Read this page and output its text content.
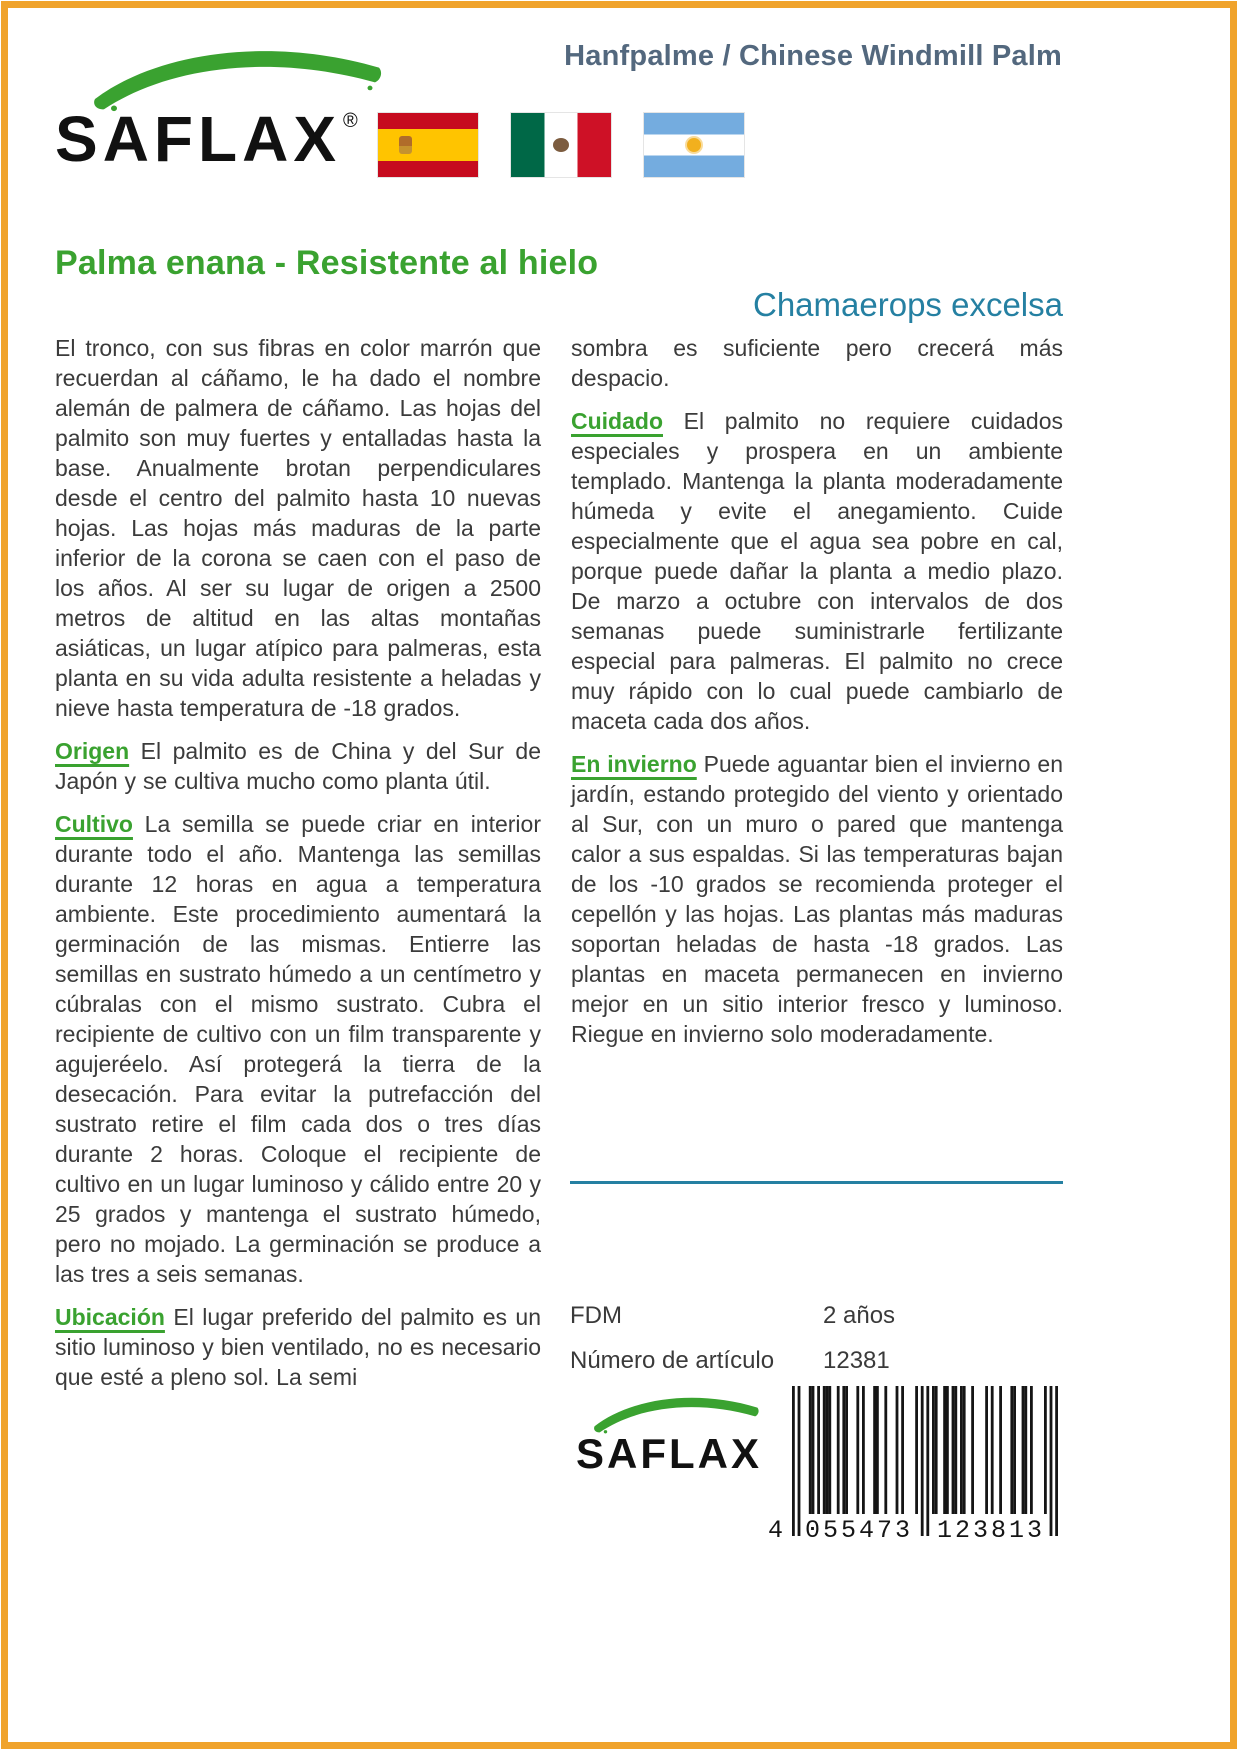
Hanfpalme / Chinese Windmill Palm
SAFLAX ®
Palma enana - Resistente al hielo
Chamaerops excelsa

El tronco, con sus fibras en color marrón que recuerdan al cáñamo, le ha dado el nombre alemán de palmera de cáñamo. Las hojas del palmito son muy fuertes y entalladas hasta la base. Anualmente brotan perpendiculares desde el centro del palmito hasta 10 nuevas hojas. Las hojas más maduras de la parte inferior de la corona se caen con el paso de los años. Al ser su lugar de origen a 2500 metros de altitud en las altas montañas asiáticas, un lugar atípico para palmeras, esta planta en su vida adulta resistente a heladas y nieve hasta temperatura de -18 grados.

Origen El palmito es de China y del Sur de Japón y se cultiva mucho como planta útil.

Cultivo La semilla se puede criar en interior durante todo el año. Mantenga las semillas durante 12 horas en agua a temperatura ambiente. Este procedimiento aumentará la germinación de las mismas. Entierre las semillas en sustrato húmedo a un centímetro y cúbralas con el mismo sustrato. Cubra el recipiente de cultivo con un film transparente y agujeréelo. Así protegerá la tierra de la desecación. Para evitar la putrefacción del sustrato retire el film cada dos o tres días durante 2 horas. Coloque el recipiente de cultivo en un lugar luminoso y cálido entre 20 y 25 grados y mantenga el sustrato húmedo, pero no mojado. La germinación se produce a las tres a seis semanas.

Ubicación El lugar preferido del palmito es un sitio luminoso y bien ventilado, no es necesario que esté a pleno sol. La semi

sombra es suficiente pero crecerá más despacio.

Cuidado El palmito no requiere cuidados especiales y prospera en un ambiente templado. Mantenga la planta moderadamente húmeda y evite el anegamiento. Cuide especialmente que el agua sea pobre en cal, porque puede dañar la planta a medio plazo. De marzo a octubre con intervalos de dos semanas puede suministrarle fertilizante especial para palmeras. El palmito no crece muy rápido con lo cual puede cambiarlo de maceta cada dos años.

En invierno Puede aguantar bien el invierno en jardín, estando protegido del viento y orientado al Sur, con un muro o pared que mantenga calor a sus espaldas. Si las temperaturas bajan de los -10 grados se recomienda proteger el cepellón y las hojas. Las plantas más maduras soportan heladas de hasta -18 grados. Las plantas en maceta permanecen en invierno mejor en un sitio interior fresco y luminoso. Riegue en invierno solo moderadamente.

FDM	2 años
Número de artículo	12381
SAFLAX
4 055473 123813
